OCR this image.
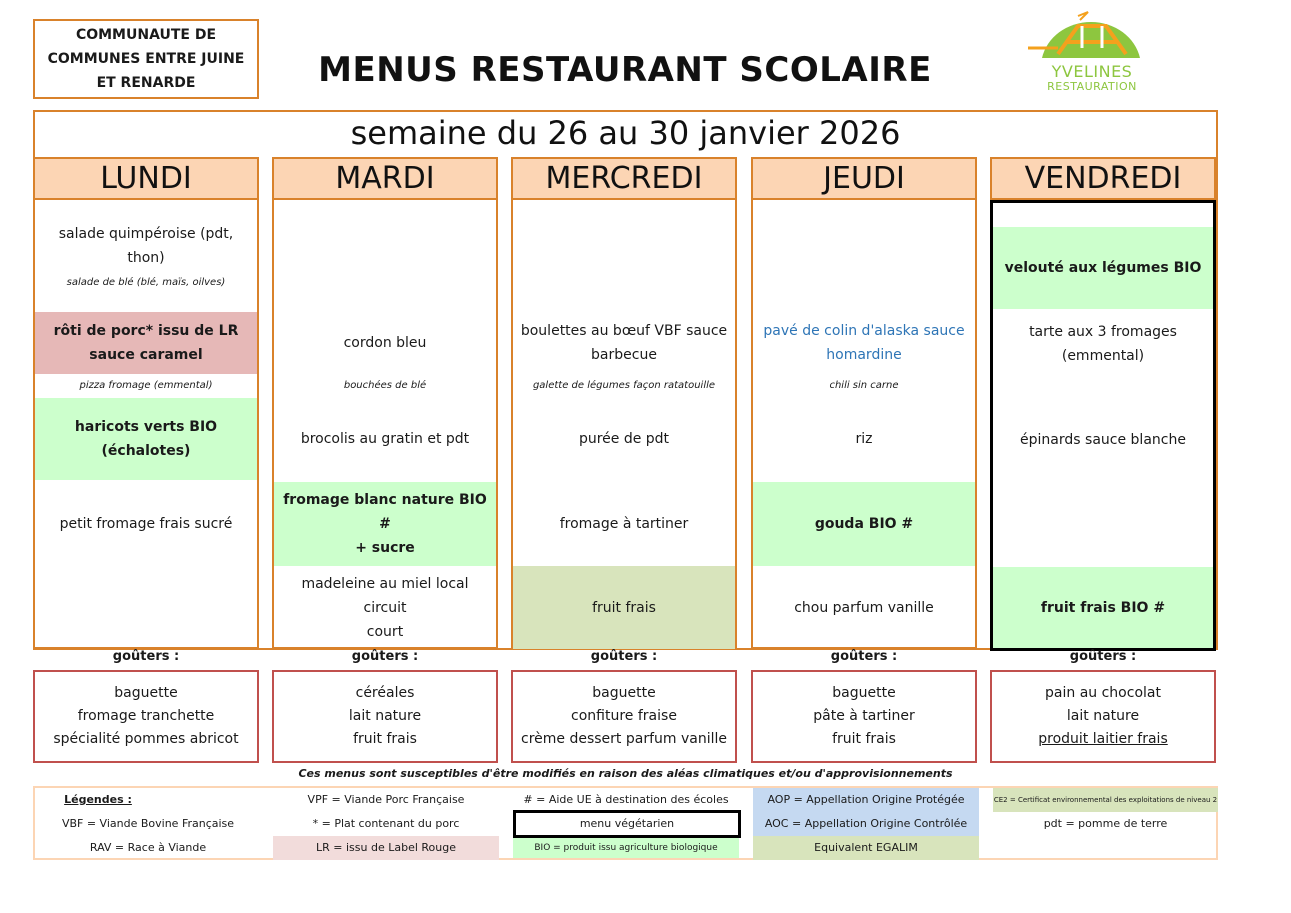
COMMUNAUTE DE
COMMUNES ENTRE JUINE
ET RENARDE	MENUS RESTAURANT SCOLAIRE	YVELINES
RESTAURATION
semaine du 26 au 30 janvier 2026
LUNDI
salade quimpéroise (pdt, thon)
salade de blé (blé, maïs, oilves)
rôti de porc* issu de LR
sauce caramel
pizza fromage (emmental)
haricots verts BIO
(échalotes)
petit fromage frais sucré
MARDI
cordon bleu
bouchées de blé
brocolis au gratin et pdt
fromage blanc nature BIO #
+ sucre
madeleine au miel local circuit
court
MERCREDI
boulettes au bœuf VBF sauce
barbecue
galette de légumes façon ratatouille
purée de pdt
fromage à tartiner
fruit frais
JEUDI
pavé de colin d'alaska sauce
homardine
chili sin carne
riz
gouda BIO #
chou parfum vanille
VENDREDI
velouté aux légumes BIO
tarte aux 3 fromages
(emmental)
épinards sauce blanche
fruit frais BIO #
goûters :	goûters :	goûters :	goûters :	goûters :
baguette
fromage tranchette
spécialité pommes abricot
céréales
lait nature
fruit frais
baguette
confiture fraise
crème dessert parfum vanille
baguette
pâte à tartiner
fruit frais
pain au chocolat
lait nature
produit laitier frais
Ces menus sont susceptibles d'être modifiés en raison des aléas climatiques et/ou d'approvisionnements
Légendes :	VPF = Viande Porc Française	# = Aide UE à destination des écoles	AOP = Appellation Origine Protégée	CE2 = Certificat environnemental des exploitations de niveau 2
VBF = Viande Bovine Française	* = Plat contenant du porc	menu végétarien	AOC = Appellation Origine Contrôlée	pdt = pomme de terre
RAV = Race à Viande	LR = issu de Label Rouge	BIO = produit issu agriculture biologique	Equivalent EGALIM
